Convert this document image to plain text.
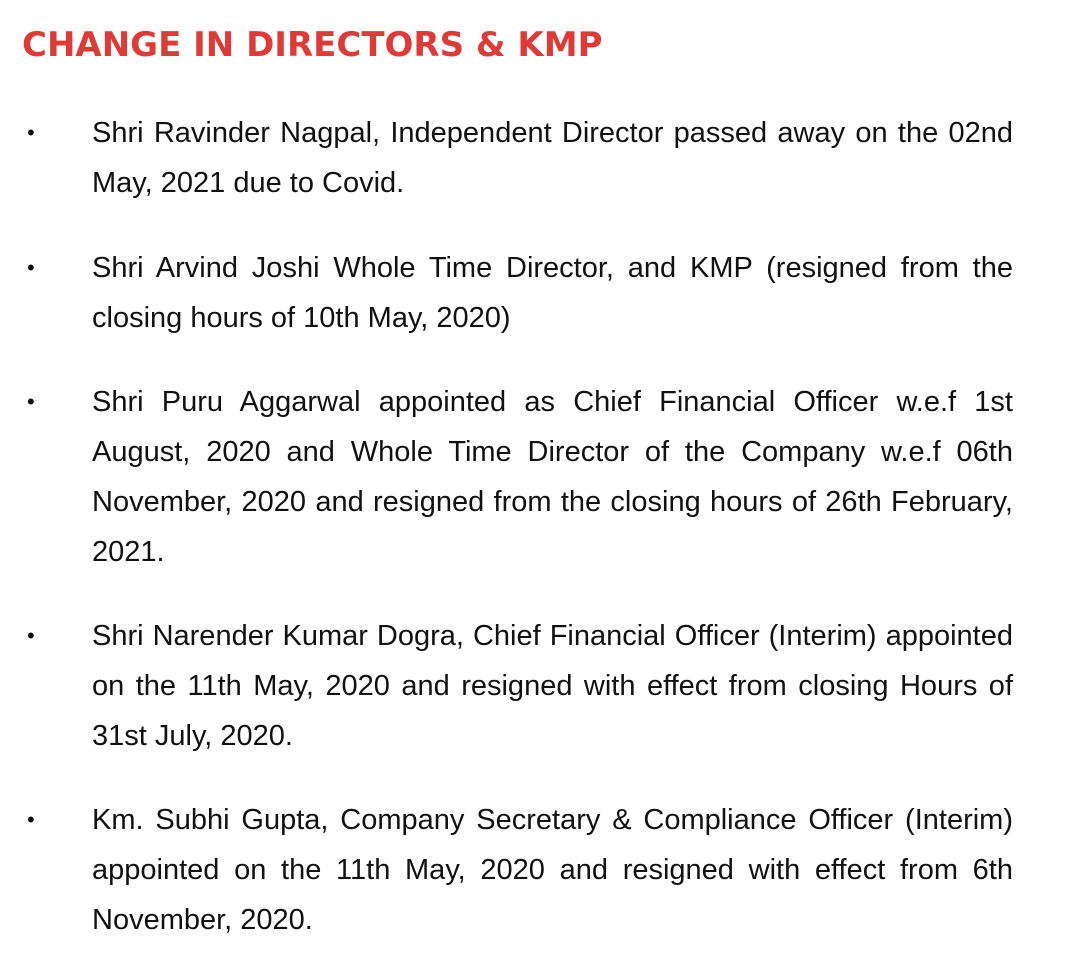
CHANGE IN DIRECTORS & KMP
• Shri Ravinder Nagpal, Independent Director passed away on the 02nd May, 2021 due to Covid.
• Shri Arvind Joshi Whole Time Director, and KMP (resigned from the closing hours of 10th May, 2020)
• Shri Puru Aggarwal appointed as Chief Financial Officer w.e.f 1st August, 2020 and Whole Time Director of the Company w.e.f 06th November, 2020 and resigned from the closing hours of 26th February, 2021.
• Shri Narender Kumar Dogra, Chief Financial Officer (Interim) appointed on the 11th May, 2020 and resigned with effect from closing Hours of 31st July, 2020.
• Km. Subhi Gupta, Company Secretary & Compliance Officer (Interim) appointed on the 11th May, 2020 and resigned with effect from 6th November, 2020.
